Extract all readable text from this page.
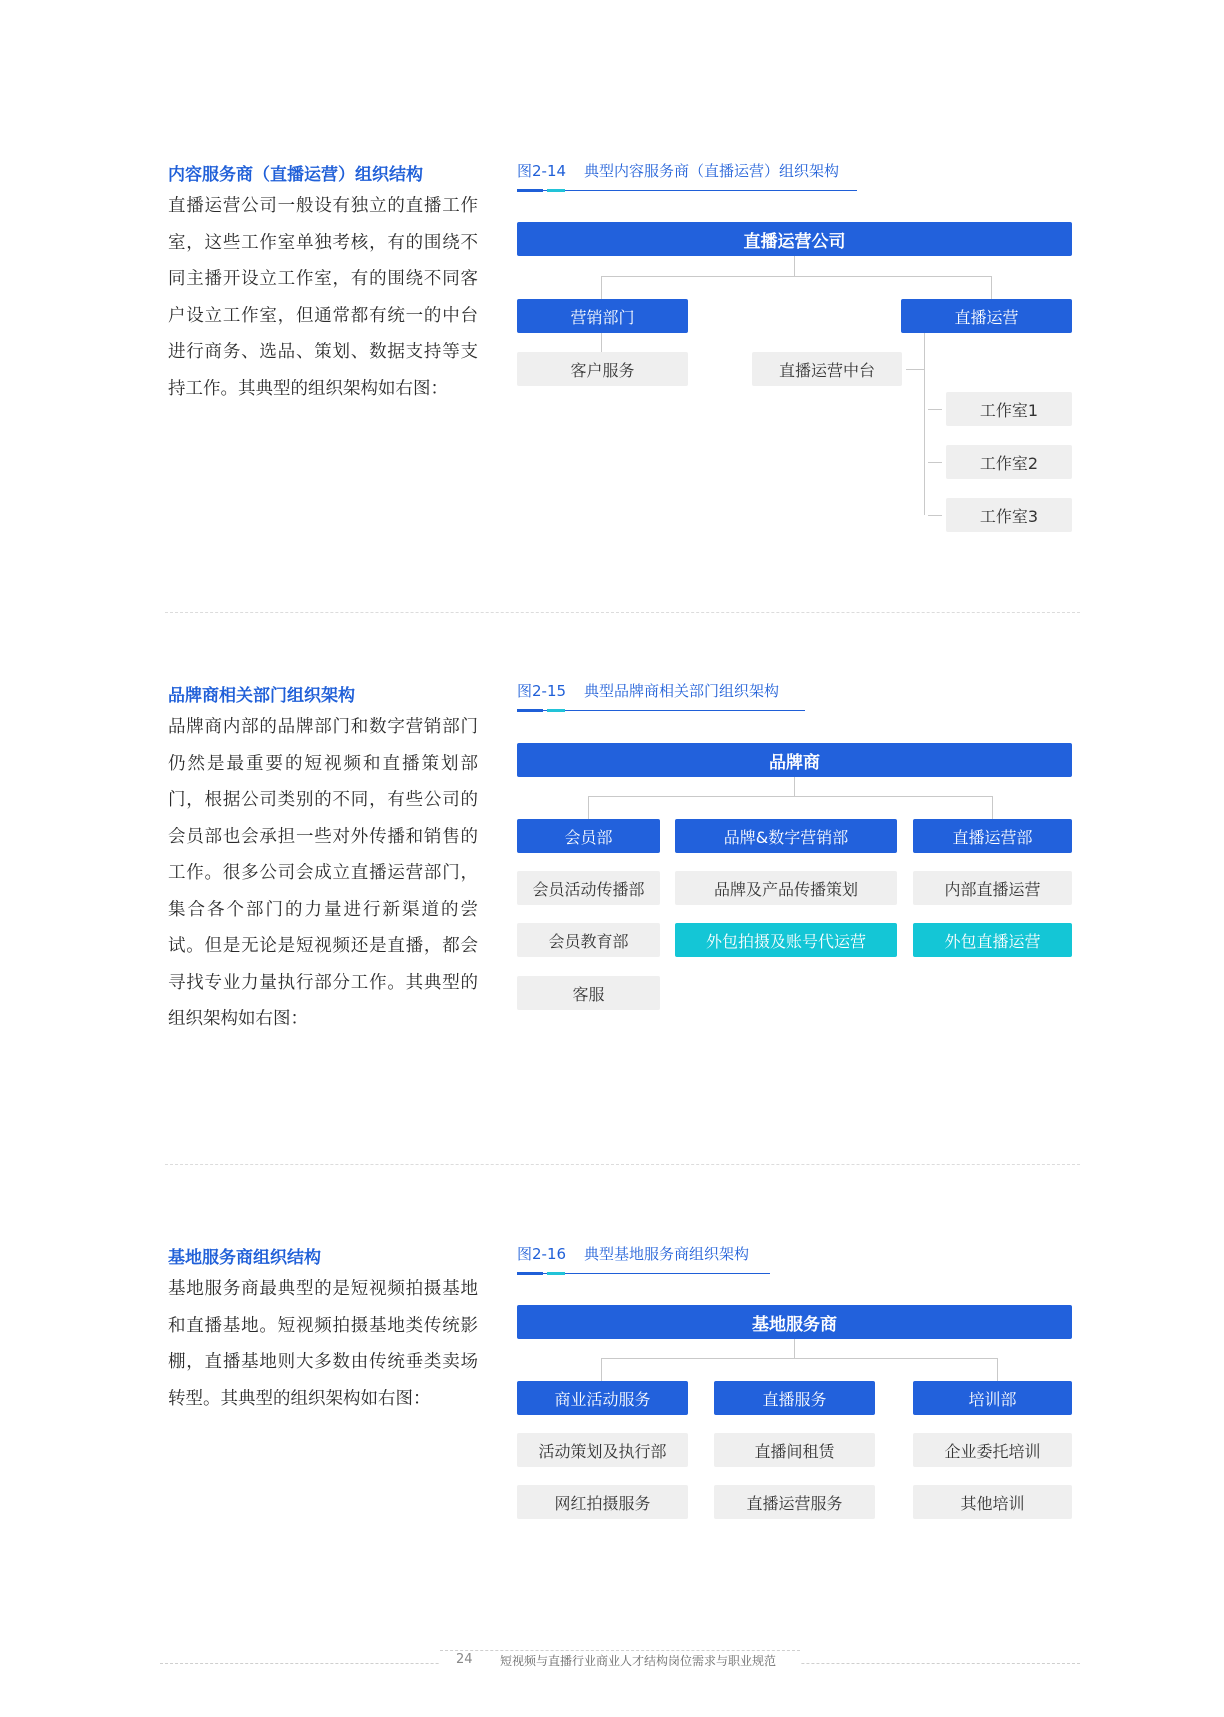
内容服务商（直播运营）组织结构

直播运营公司一般设有独立的直播工作室，这些工作室单独考核，有的围绕不同主播开设立工作室，有的围绕不同客户设立工作室，但通常都有统一的中台进行商务、选品、策划、数据支持等支持工作。其典型的组织架构如右图：

图2-14 典型内容服务商（直播运营）组织架构
直播运营公司
营销部门
客户服务
直播运营
直播运营中台
工作室1
工作室2
工作室3
品牌商相关部门组织架构

品牌商内部的品牌部门和数字营销部门仍然是最重要的短视频和直播策划部门，根据公司类别的不同，有些公司的会员部也会承担一些对外传播和销售的工作。很多公司会成立直播运营部门，集合各个部门的力量进行新渠道的尝试。但是无论是短视频还是直播，都会寻找专业力量执行部分工作。其典型的组织架构如右图：

图2-15 典型品牌商相关部门组织架构
品牌商
会员部	品牌&数字营销部	直播运营部
会员活动传播部
会员教育部
客服
品牌及产品传播策划
外包拍摄及账号代运营
内部直播运营
外包直播运营
基地服务商组织结构

基地服务商最典型的是短视频拍摄基地和直播基地。短视频拍摄基地类传统影棚，直播基地则大多数由传统垂类卖场转型。其典型的组织架构如右图：

图2-16 典型基地服务商组织架构
基地服务商
商业活动服务	直播服务	培训部
活动策划及执行部
网红拍摄服务
直播间租赁
直播运营服务
企业委托培训
其他培训
24 短视频与直播行业商业人才结构岗位需求与职业规范
